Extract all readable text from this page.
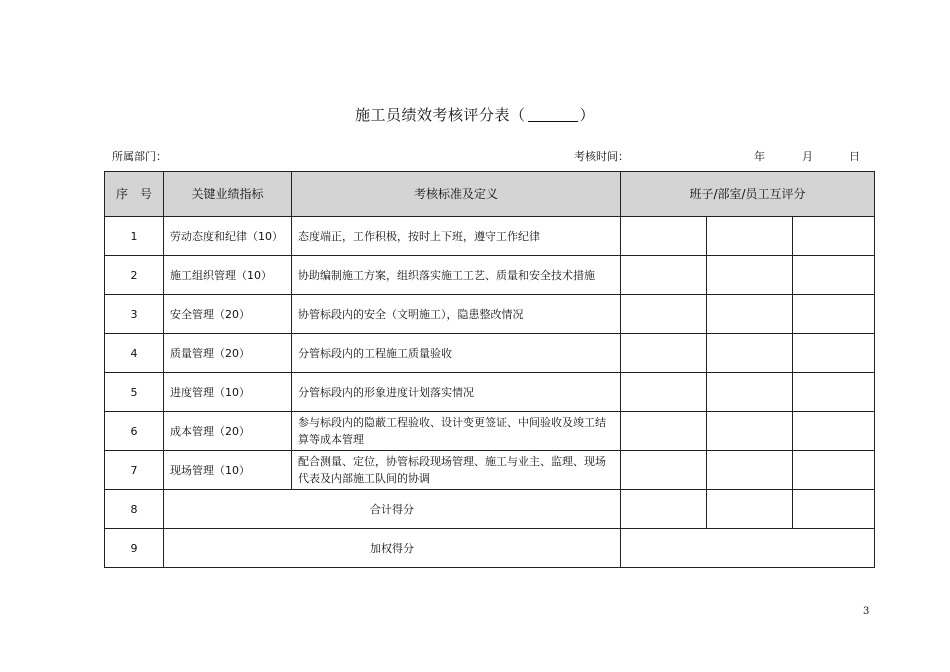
施工员绩效考核评分表（	）
所属部门：	考核时间：	年	月	日
序　号	关键业绩指标	考核标准及定义	班子/部室/员工互评分		
1	劳动态度和纪律（10）	态度端正，工作积极，按时上下班，遵守工作纪律			
2	施工组织管理（10）	协助编制施工方案，组织落实施工工艺、质量和安全技术措施			
3	安全管理（20）	协管标段内的安全（文明施工），隐患整改情况			
4	质量管理（20）	分管标段内的工程施工质量验收			
5	进度管理（10）	分管标段内的形象进度计划落实情况			
6	成本管理（20）	参与标段内的隐蔽工程验收、设计变更签证、中间验收及竣工结算等成本管理			
7	现场管理（10）	配合测量、定位，协管标段现场管理、施工与业主、监理、现场代表及内部施工队间的协调			
8	合计得分				
9	加权得分				
3
